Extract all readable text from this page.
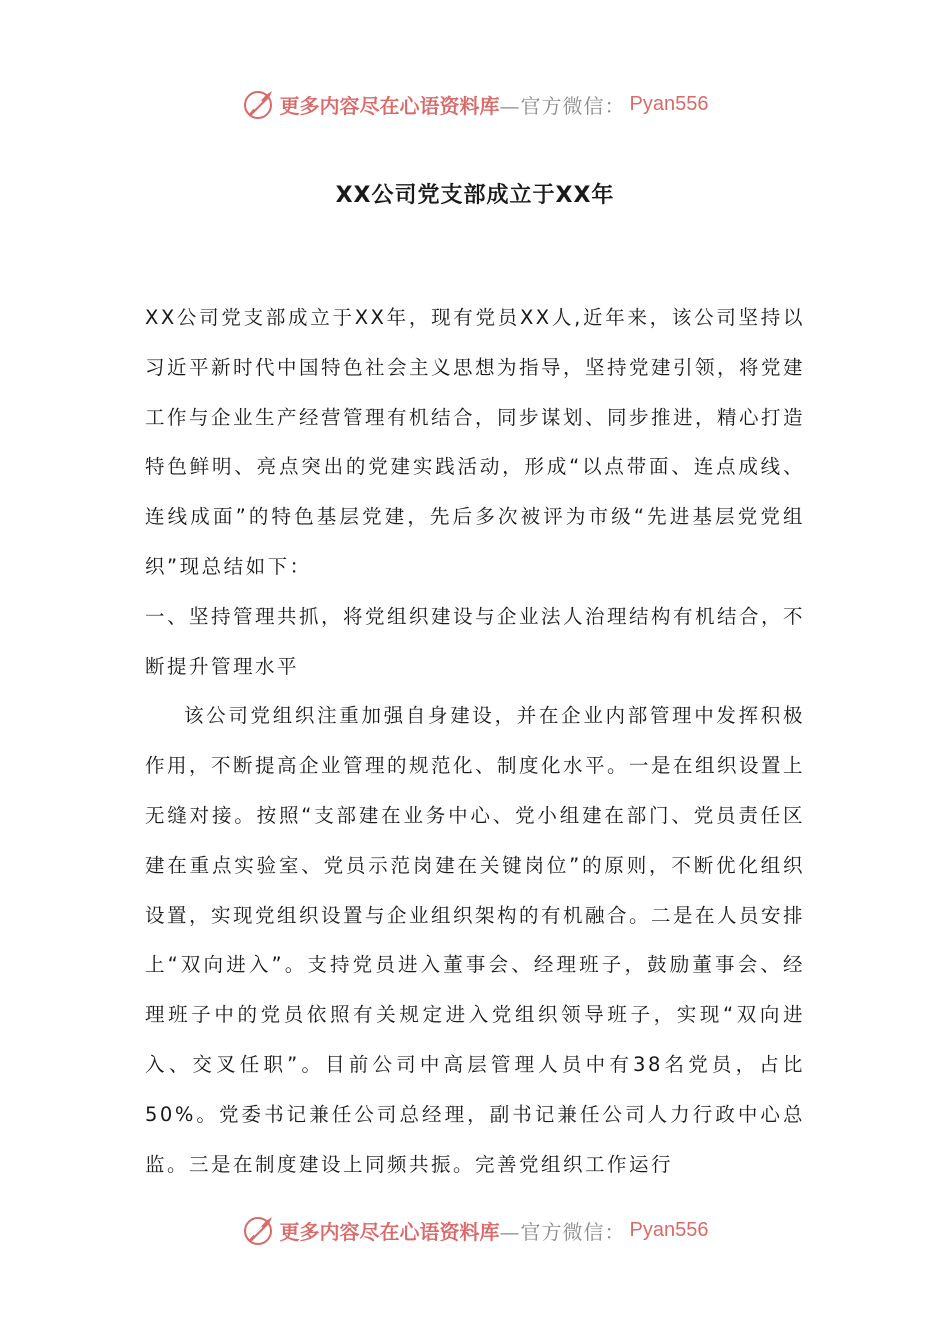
更多内容尽在心语资料库 —官方微信： Pyan556
XX公司党支部成立于XX年

XX公司党支部成立于XX年，现有党员XX人,近年来，该公司坚持以习近平新时代中国特色社会主义思想为指导，坚持党建引领，将党建工作与企业生产经营管理有机结合，同步谋划、同步推进，精心打造特色鲜明、亮点突出的党建实践活动，形成“以点带面、连点成线、连线成面”的特色基层党建，先后多次被评为市级“先进基层党党组织”现总结如下：

一、坚持管理共抓，将党组织建设与企业法人治理结构有机结合，不断提升管理水平

该公司党组织注重加强自身建设，并在企业内部管理中发挥积极作用，不断提高企业管理的规范化、制度化水平。一是在组织设置上无缝对接。按照“支部建在业务中心、党小组建在部门、党员责任区建在重点实验室、党员示范岗建在关键岗位”的原则，不断优化组织设置，实现党组织设置与企业组织架构的有机融合。二是在人员安排上“双向进入”。支持党员进入董事会、经理班子，鼓励董事会、经理班子中的党员依照有关规定进入党组织领导班子，实现“双向进入、交叉任职”。目前公司中高层管理人员中有38名党员，占比50%。党委书记兼任公司总经理，副书记兼任公司人力行政中心总监。三是在制度建设上同频共振。完善党组织工作运行

更多内容尽在心语资料库 —官方微信： Pyan556
